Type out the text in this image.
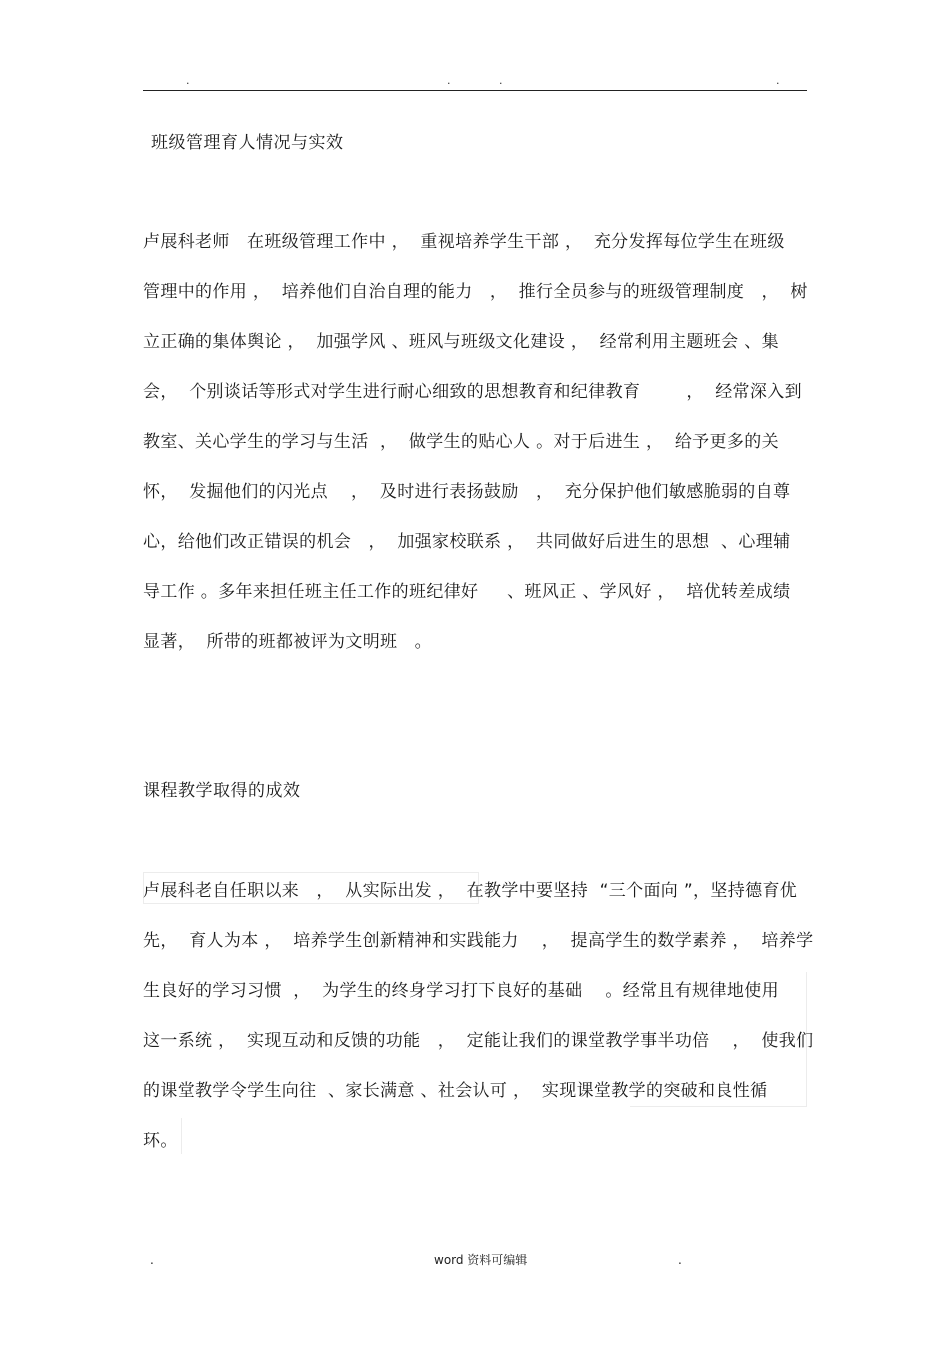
.	.	.	.
班级管理育人情况与实效
卢展科老师   在班级管理工作中 ，  重视培养学生干部 ，  充分发挥每位学生在班级
管理中的作用 ，  培养他们自治自理的能力   ，  推行全员参与的班级管理制度   ，  树
立正确的集体舆论 ，  加强学风 、班风与班级文化建设 ，  经常利用主题班会 、集
会，  个别谈话等形式对学生进行耐心细致的思想教育和纪律教育        ，  经常深入到
教室、关心学生的学习与生活  ，  做学生的贴心人 。对于后进生 ，  给予更多的关
怀，  发掘他们的闪光点    ，  及时进行表扬鼓励   ，  充分保护他们敏感脆弱的自尊
心，给他们改正错误的机会   ，  加强家校联系 ，  共同做好后进生的思想  、心理辅
导工作 。多年来担任班主任工作的班纪律好     、班风正 、学风好 ，  培优转差成绩
显著，  所带的班都被评为文明班   。
课程教学取得的成效
卢展科老自任职以来   ，  从实际出发 ，  在教学中要坚持  “三个面向 ”，坚持德育优
先，  育人为本 ，  培养学生创新精神和实践能力    ，  提高学生的数学素养 ，  培养学
生良好的学习习惯  ，  为学生的终身学习打下良好的基础    。经常且有规律地使用
这一系统 ，  实现互动和反馈的功能   ，  定能让我们的课堂教学事半功倍    ，  使我们
的课堂教学令学生向往  、家长满意 、社会认可 ，  实现课堂教学的突破和良性循
环。
.	word 资料可编辑	.
